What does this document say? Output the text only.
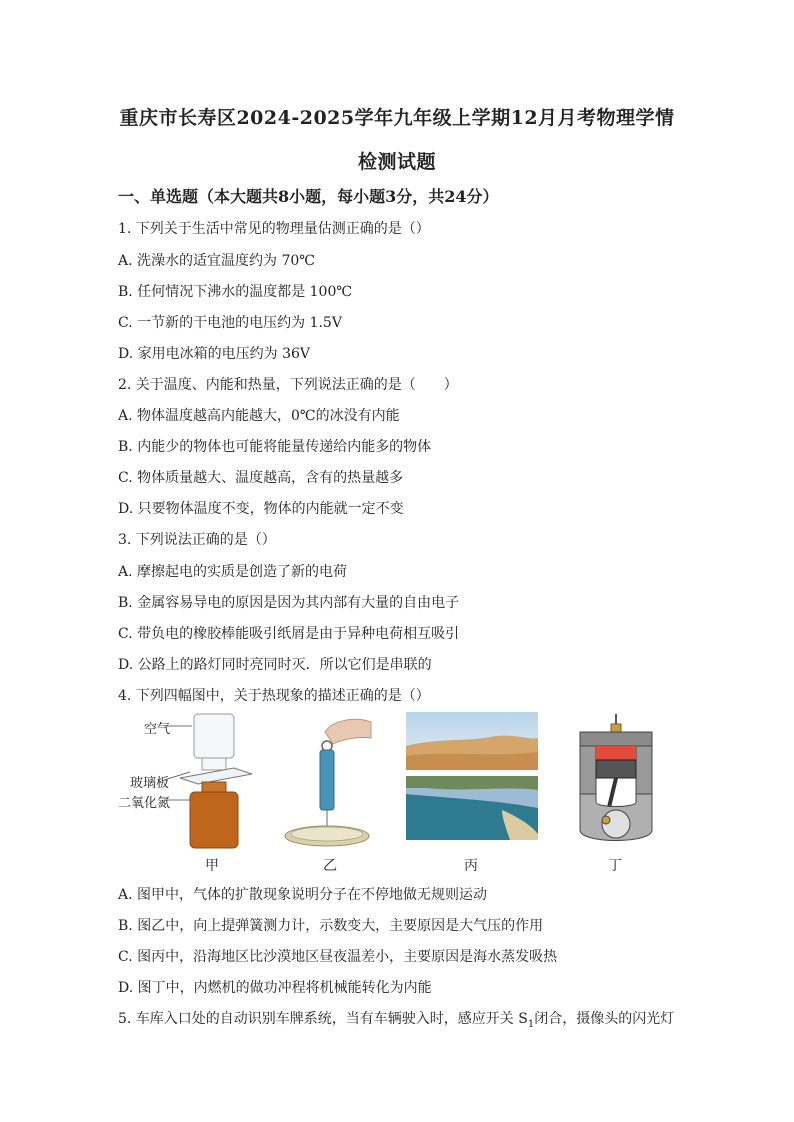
重庆市长寿区2024-2025学年九年级上学期12月月考物理学情
检测试题
一、单选题（本大题共8小题，每小题3分，共24分）
1. 下列关于生活中常见的物理量估测正确的是（）
A. 洗澡水的适宜温度约为 70℃
B. 任何情况下沸水的温度都是 100℃
C. 一节新的干电池的电压约为 1.5V
D. 家用电冰箱的电压约为 36V
2. 关于温度、内能和热量，下列说法正确的是（　　）
A. 物体温度越高内能越大，0℃的冰没有内能
B. 内能少的物体也可能将能量传递给内能多的物体
C. 物体质量越大、温度越高，含有的热量越多
D. 只要物体温度不变，物体的内能就一定不变
3. 下列说法正确的是（）
A. 摩擦起电的实质是创造了新的电荷
B. 金属容易导电的原因是因为其内部有大量的自由电子
C. 带负电的橡胶棒能吸引纸屑是由于异种电荷相互吸引
D. 公路上的路灯同时亮同时灭．所以它们是串联的
4. 下列四幅图中，关于热现象的描述正确的是（）
空气
玻璃板
二氧化氮
甲	乙	丙	丁
A. 图甲中，气体的扩散现象说明分子在不停地做无规则运动
B. 图乙中，向上提弹簧测力计，示数变大，主要原因是大气压的作用
C. 图丙中，沿海地区比沙漠地区昼夜温差小，主要原因是海水蒸发吸热
D. 图丁中，内燃机的做功冲程将机械能转化为内能
5. 车库入口处的自动识别车牌系统，当有车辆驶入时，感应开关 $S_1$闭合，摄像头的闪光灯
